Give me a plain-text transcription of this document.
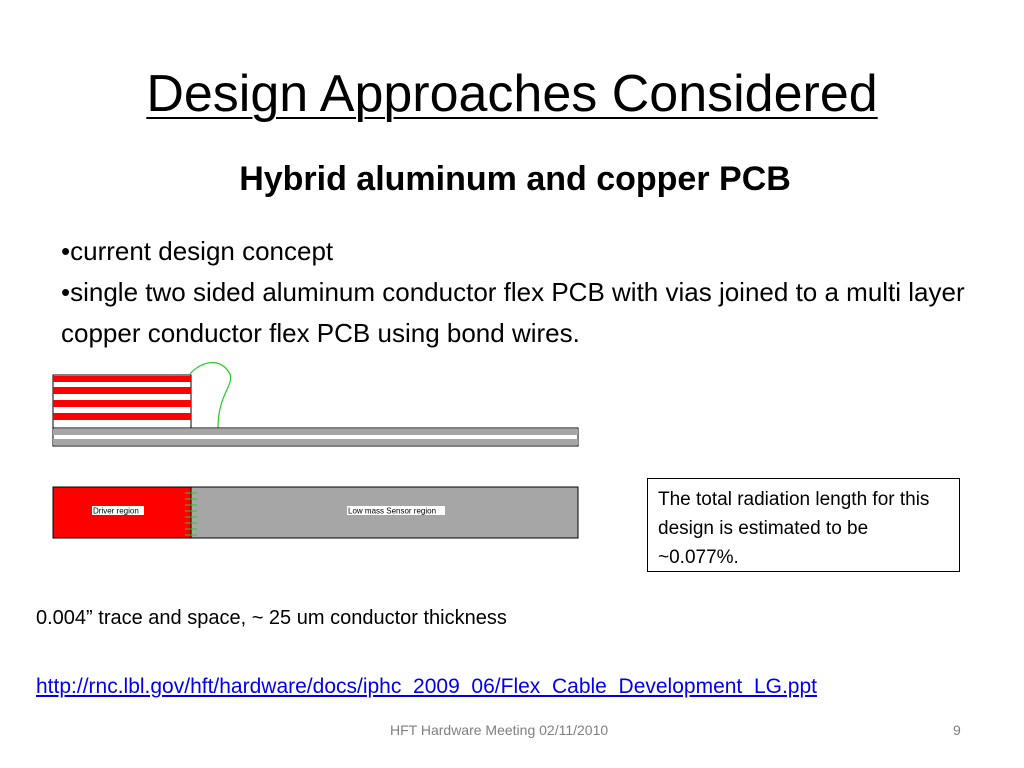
Design Approaches Considered
Hybrid aluminum and copper PCB
•current design concept
•single two sided aluminum conductor flex PCB with vias joined to a multi layer copper conductor flex PCB using bond wires.
Driver region	Low mass Sensor region
The total radiation length for this design is estimated to be ~0.077%.
0.004” trace and space, ~ 25 um conductor thickness
http://rnc.lbl.gov/hft/hardware/docs/iphc_2009_06/Flex_Cable_Development_LG.ppt
HFT Hardware Meeting 02/11/2010	9
